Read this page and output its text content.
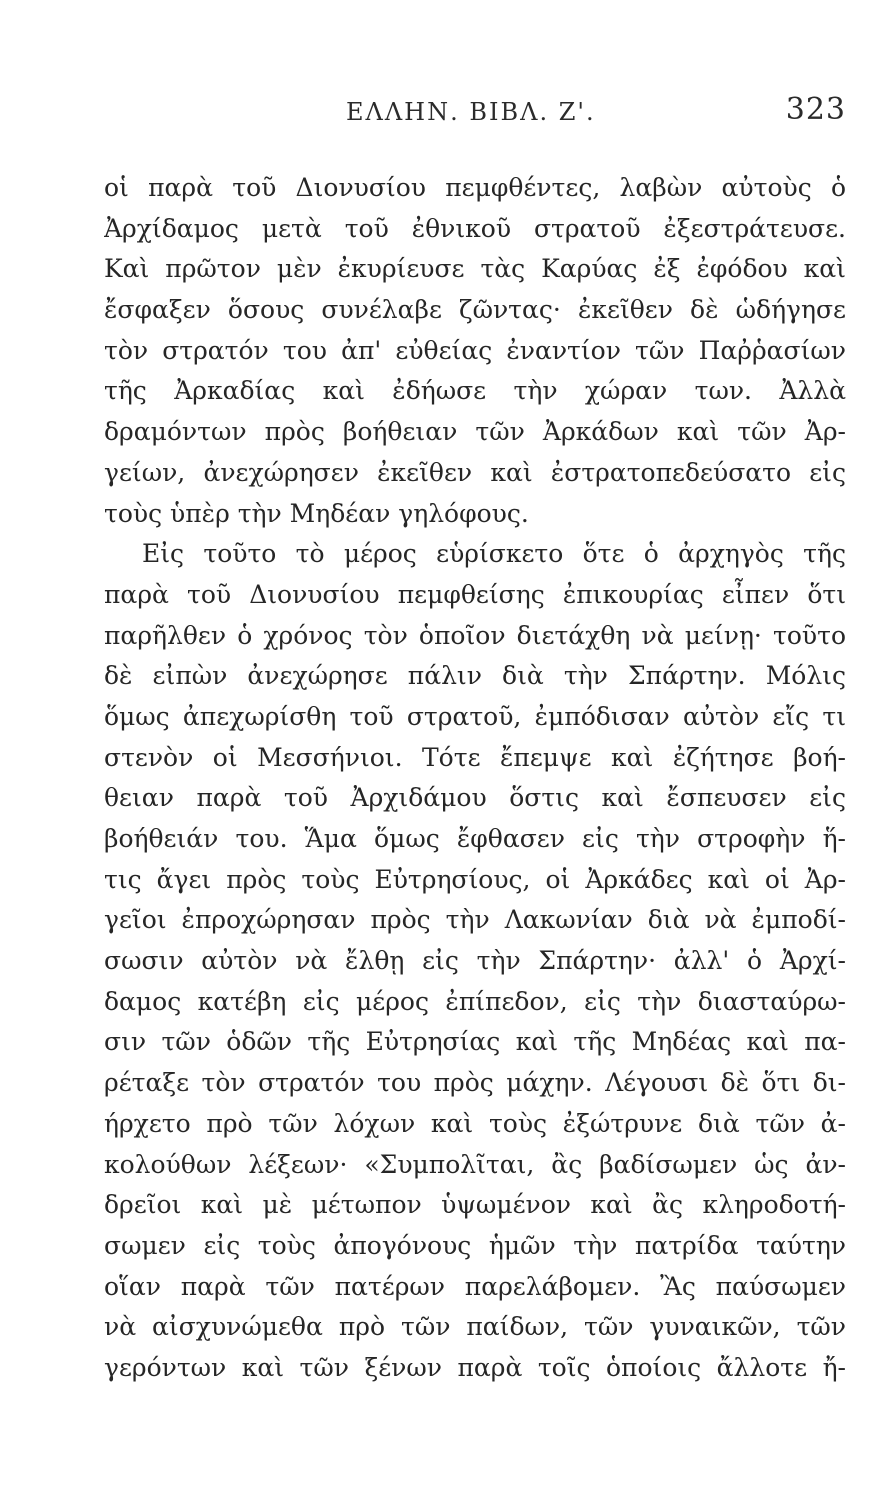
ΕΛΛΗΝ. ΒΙΒΛ. Ζ'.	323
οἱ παρὰ τοῦ Διονυσίου πεμφθέντες, λαβὼν αὐτοὺς ὁ
Ἀρχίδαμος μετὰ τοῦ ἐθνικοῦ στρατοῦ ἐξεστράτευσε.
Καὶ πρῶτον μὲν ἐκυρίευσε τὰς Καρύας ἐξ ἐφόδου καὶ
ἔσφαξεν ὅσους συνέλαβε ζῶντας· ἐκεῖθεν δὲ ὡδήγησε
τὸν στρατόν του ἀπ' εὐθείας ἐναντίον τῶν Παῤῥασίων
τῆς Ἀρκαδίας καὶ ἐδήωσε τὴν χώραν των. Ἀλλὰ
δραμόντων πρὸς βοήθειαν τῶν Ἀρκάδων καὶ τῶν Ἀρ-
γείων, ἀνεχώρησεν ἐκεῖθεν καὶ ἐστρατοπεδεύσατο εἰς
τοὺς ὑπὲρ τὴν Μηδέαν γηλόφους.
Εἰς τοῦτο τὸ μέρος εὑρίσκετο ὅτε ὁ ἀρχηγὸς τῆς
παρὰ τοῦ Διονυσίου πεμφθείσης ἐπικουρίας εἶπεν ὅτι
παρῆλθεν ὁ χρόνος τὸν ὁποῖον διετάχθη νὰ μείνῃ· τοῦτο
δὲ εἰπὼν ἀνεχώρησε πάλιν διὰ τὴν Σπάρτην. Μόλις
ὅμως ἀπεχωρίσθη τοῦ στρατοῦ, ἐμπόδισαν αὐτὸν εἴς τι
στενὸν οἱ Μεσσήνιοι. Τότε ἔπεμψε καὶ ἐζήτησε βοή-
θειαν παρὰ τοῦ Ἀρχιδάμου ὅστις καὶ ἔσπευσεν εἰς
βοήθειάν του. Ἅμα ὅμως ἔφθασεν εἰς τὴν στροφὴν ἥ-
τις ἄγει πρὸς τοὺς Εὐτρησίους, οἱ Ἀρκάδες καὶ οἱ Ἀρ-
γεῖοι ἐπροχώρησαν πρὸς τὴν Λακωνίαν διὰ νὰ ἐμποδί-
σωσιν αὐτὸν νὰ ἔλθῃ εἰς τὴν Σπάρτην· ἀλλ' ὁ Ἀρχί-
δαμος κατέβη εἰς μέρος ἐπίπεδον, εἰς τὴν διασταύρω-
σιν τῶν ὁδῶν τῆς Εὐτρησίας καὶ τῆς Μηδέας καὶ πα-
ρέταξε τὸν στρατόν του πρὸς μάχην. Λέγουσι δὲ ὅτι δι-
ήρχετο πρὸ τῶν λόχων καὶ τοὺς ἐξώτρυνε διὰ τῶν ἀ-
κολούθων λέξεων· «Συμπολῖται, ἂς βαδίσωμεν ὡς ἀν-
δρεῖοι καὶ μὲ μέτωπον ὑψωμένον καὶ ἂς κληροδοτή-
σωμεν εἰς τοὺς ἀπογόνους ἡμῶν τὴν πατρίδα ταύτην
οἵαν παρὰ τῶν πατέρων παρελάβομεν. Ἂς παύσωμεν
νὰ αἰσχυνώμεθα πρὸ τῶν παίδων, τῶν γυναικῶν, τῶν
γερόντων καὶ τῶν ξένων παρὰ τοῖς ὁποίοις ἄλλοτε ἤ-
